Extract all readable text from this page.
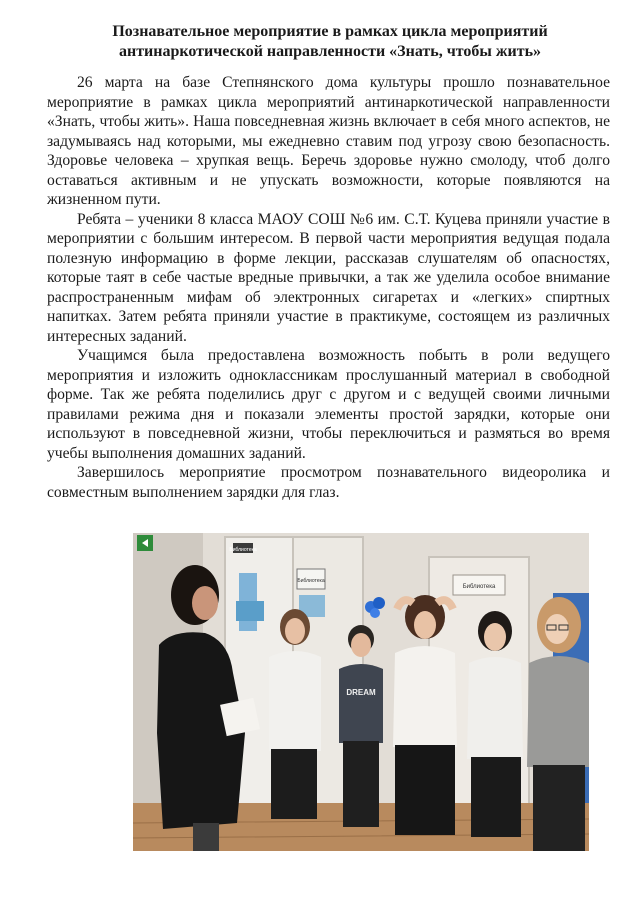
Познавательное мероприятие в рамках цикла мероприятий
антинаркотической направленности «Знать, чтобы жить»

26 марта на базе Степнянского дома культуры прошло познавательное мероприятие в рамках цикла мероприятий антинаркотической направленности «Знать, чтобы жить». Наша повседневная жизнь включает в себя много аспектов, не задумываясь над которыми, мы ежедневно ставим под угрозу свою безопасность. Здоровье человека – хрупкая вещь. Беречь здоровье нужно смолоду, чтоб долго оставаться активным и не упускать возможности, которые появляются на жизненном пути.

Ребята – ученики 8 класса МАОУ СОШ №6 им. С.Т. Куцева приняли участие в мероприятии с большим интересом. В первой части мероприятия ведущая подала полезную информацию в форме лекции, рассказав слушателям об опасностях, которые таят в себе частые вредные привычки, а так же уделила особое внимание распространенным мифам об электронных сигаретах и «легких» спиртных напитках. Затем ребята приняли участие в практикуме, состоящем из различных интересных заданий.

Учащимся была предоставлена возможность побыть в роли ведущего мероприятия и изложить одноклассникам прослушанный материал в свободной форме. Так же ребята поделились друг с другом и с ведущей своими личными правилами режима дня и показали элементы простой зарядки, которые они используют в повседневной жизни, чтобы переключиться и размяться во время учебы выполнения домашних заданий.

Завершилось мероприятие просмотром познавательного видеоролика и совместным выполнением зарядки для глаз.

Библиотека
Библиотека
Библиотека
DREAM
